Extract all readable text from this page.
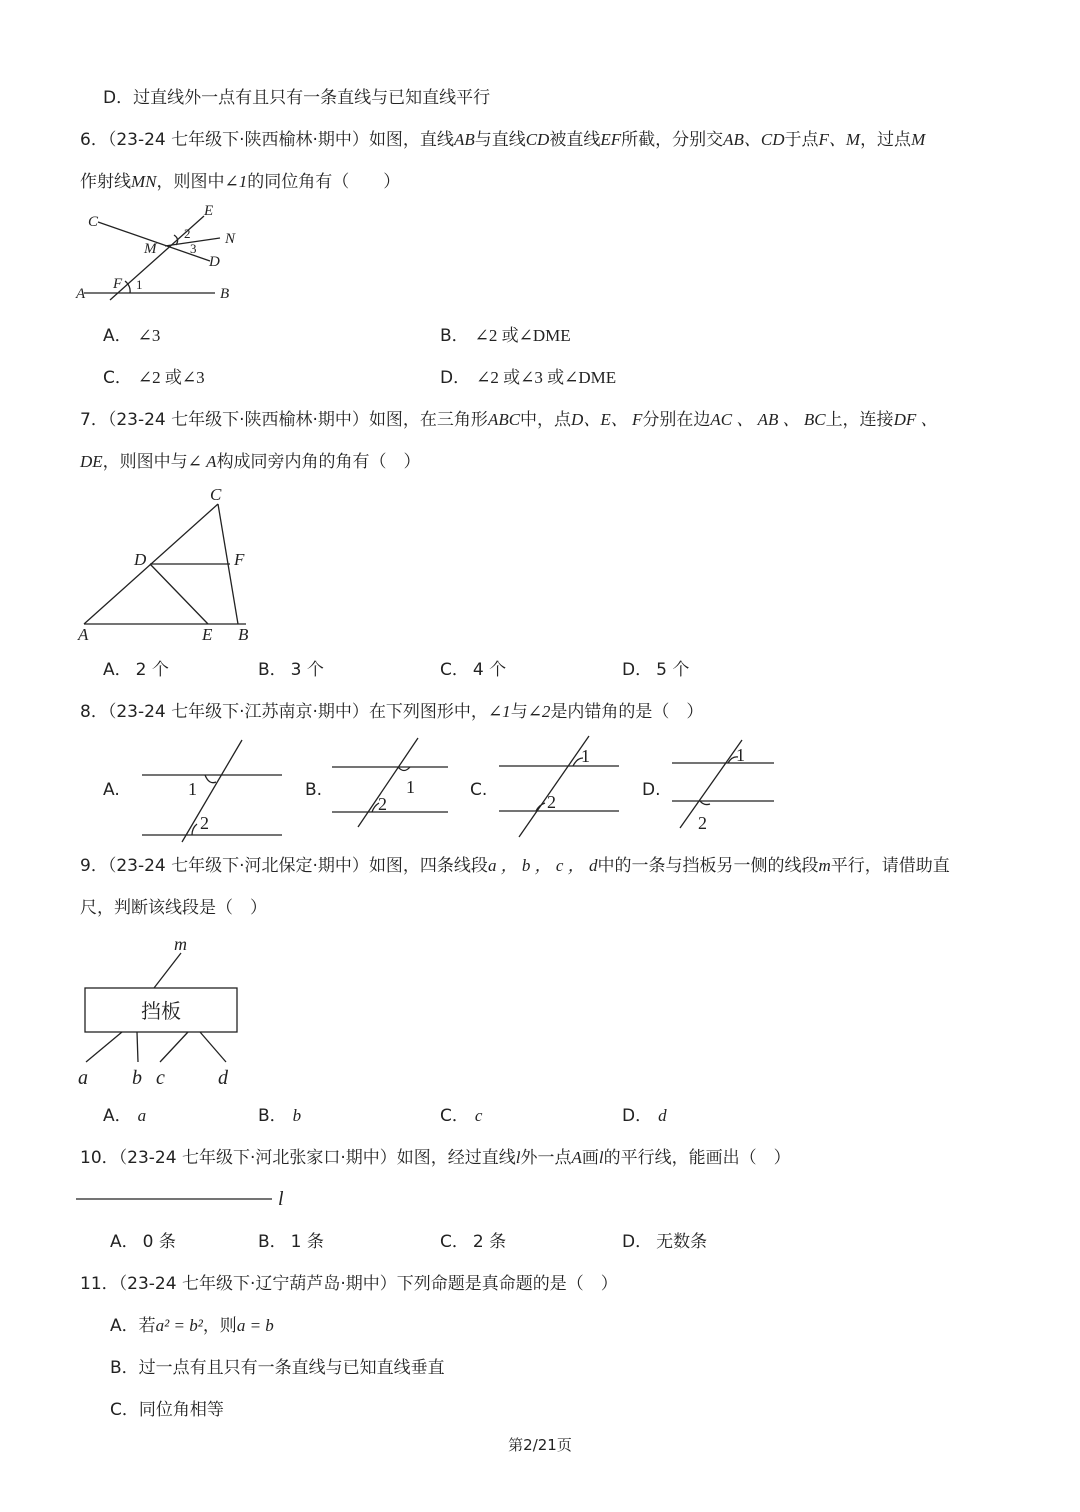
D．过直线外一点有且只有一条直线与已知直线平行
6．（23-24 七年级下·陕西榆林·期中）如图，直线AB与直线CD被直线EF所截，分别交AB、CD于点F、M，过点M
作射线MN，则图中∠1的同位角有（　　）
C
E
N
M
D
A	B
F 1
2
3
A． ∠3	B． ∠2 或∠DME
C． ∠2 或∠3	D． ∠2 或∠3 或∠DME
7．（23-24 七年级下·陕西榆林·期中）如图，在三角形ABC中，点D、E、 F分别在边AC 、 AB 、 BC上，连接DF 、
DE，则图中与∠ A构成同旁内角的角有（　）
C
D	F
A	E B
A． 2 个	B． 3 个	C． 4 个	D． 5 个
8．（23-24 七年级下·江苏南京·期中）在下列图形中，∠1与∠2是内错角的是（　）
A.	1
2
B.	1
2
C.
1
2
D.
1
2
9．（23-24 七年级下·河北保定·期中）如图，四条线段a ， b ， c ， d中的一条与挡板另一侧的线段m平行，请借助直
尺，判断该线段是（　）
m
挡板
a b c	d
A． a	B． b	C． c	D． d
10．（23-24 七年级下·河北张家口·期中）如图，经过直线l外一点A画l的平行线，能画出（　）
l
A． 0 条	B． 1 条	C． 2 条	D． 无数条
11．（23-24 七年级下·辽宁葫芦岛·期中）下列命题是真命题的是（　）
A．若a² = b²，则a = b
B．过一点有且只有一条直线与已知直线垂直
C．同位角相等
第2/21页
